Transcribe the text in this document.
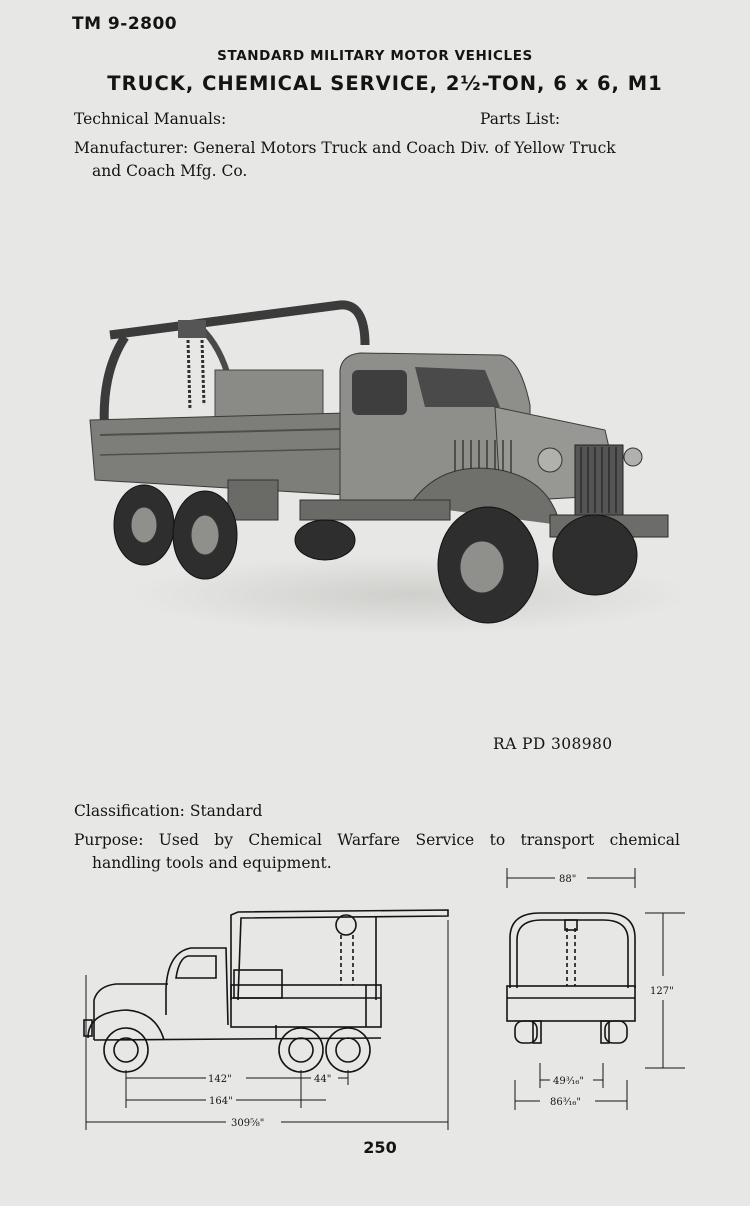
TM 9-2800
STANDARD MILITARY MOTOR VEHICLES
TRUCK, CHEMICAL SERVICE, 2½-TON, 6 x 6, M1
Technical Manuals:	Parts List:
Manufacturer: General Motors Truck and Coach Div. of Yellow Truck
and Coach Mfg. Co.
RA PD 308980
Classification: Standard
Purpose: Used by Chemical Warfare Service to transport chemical
handling tools and equipment.
142"	44"
164"
309⅝"
88"
127"
49³⁄₁₆"
86³⁄₁₆"
250
